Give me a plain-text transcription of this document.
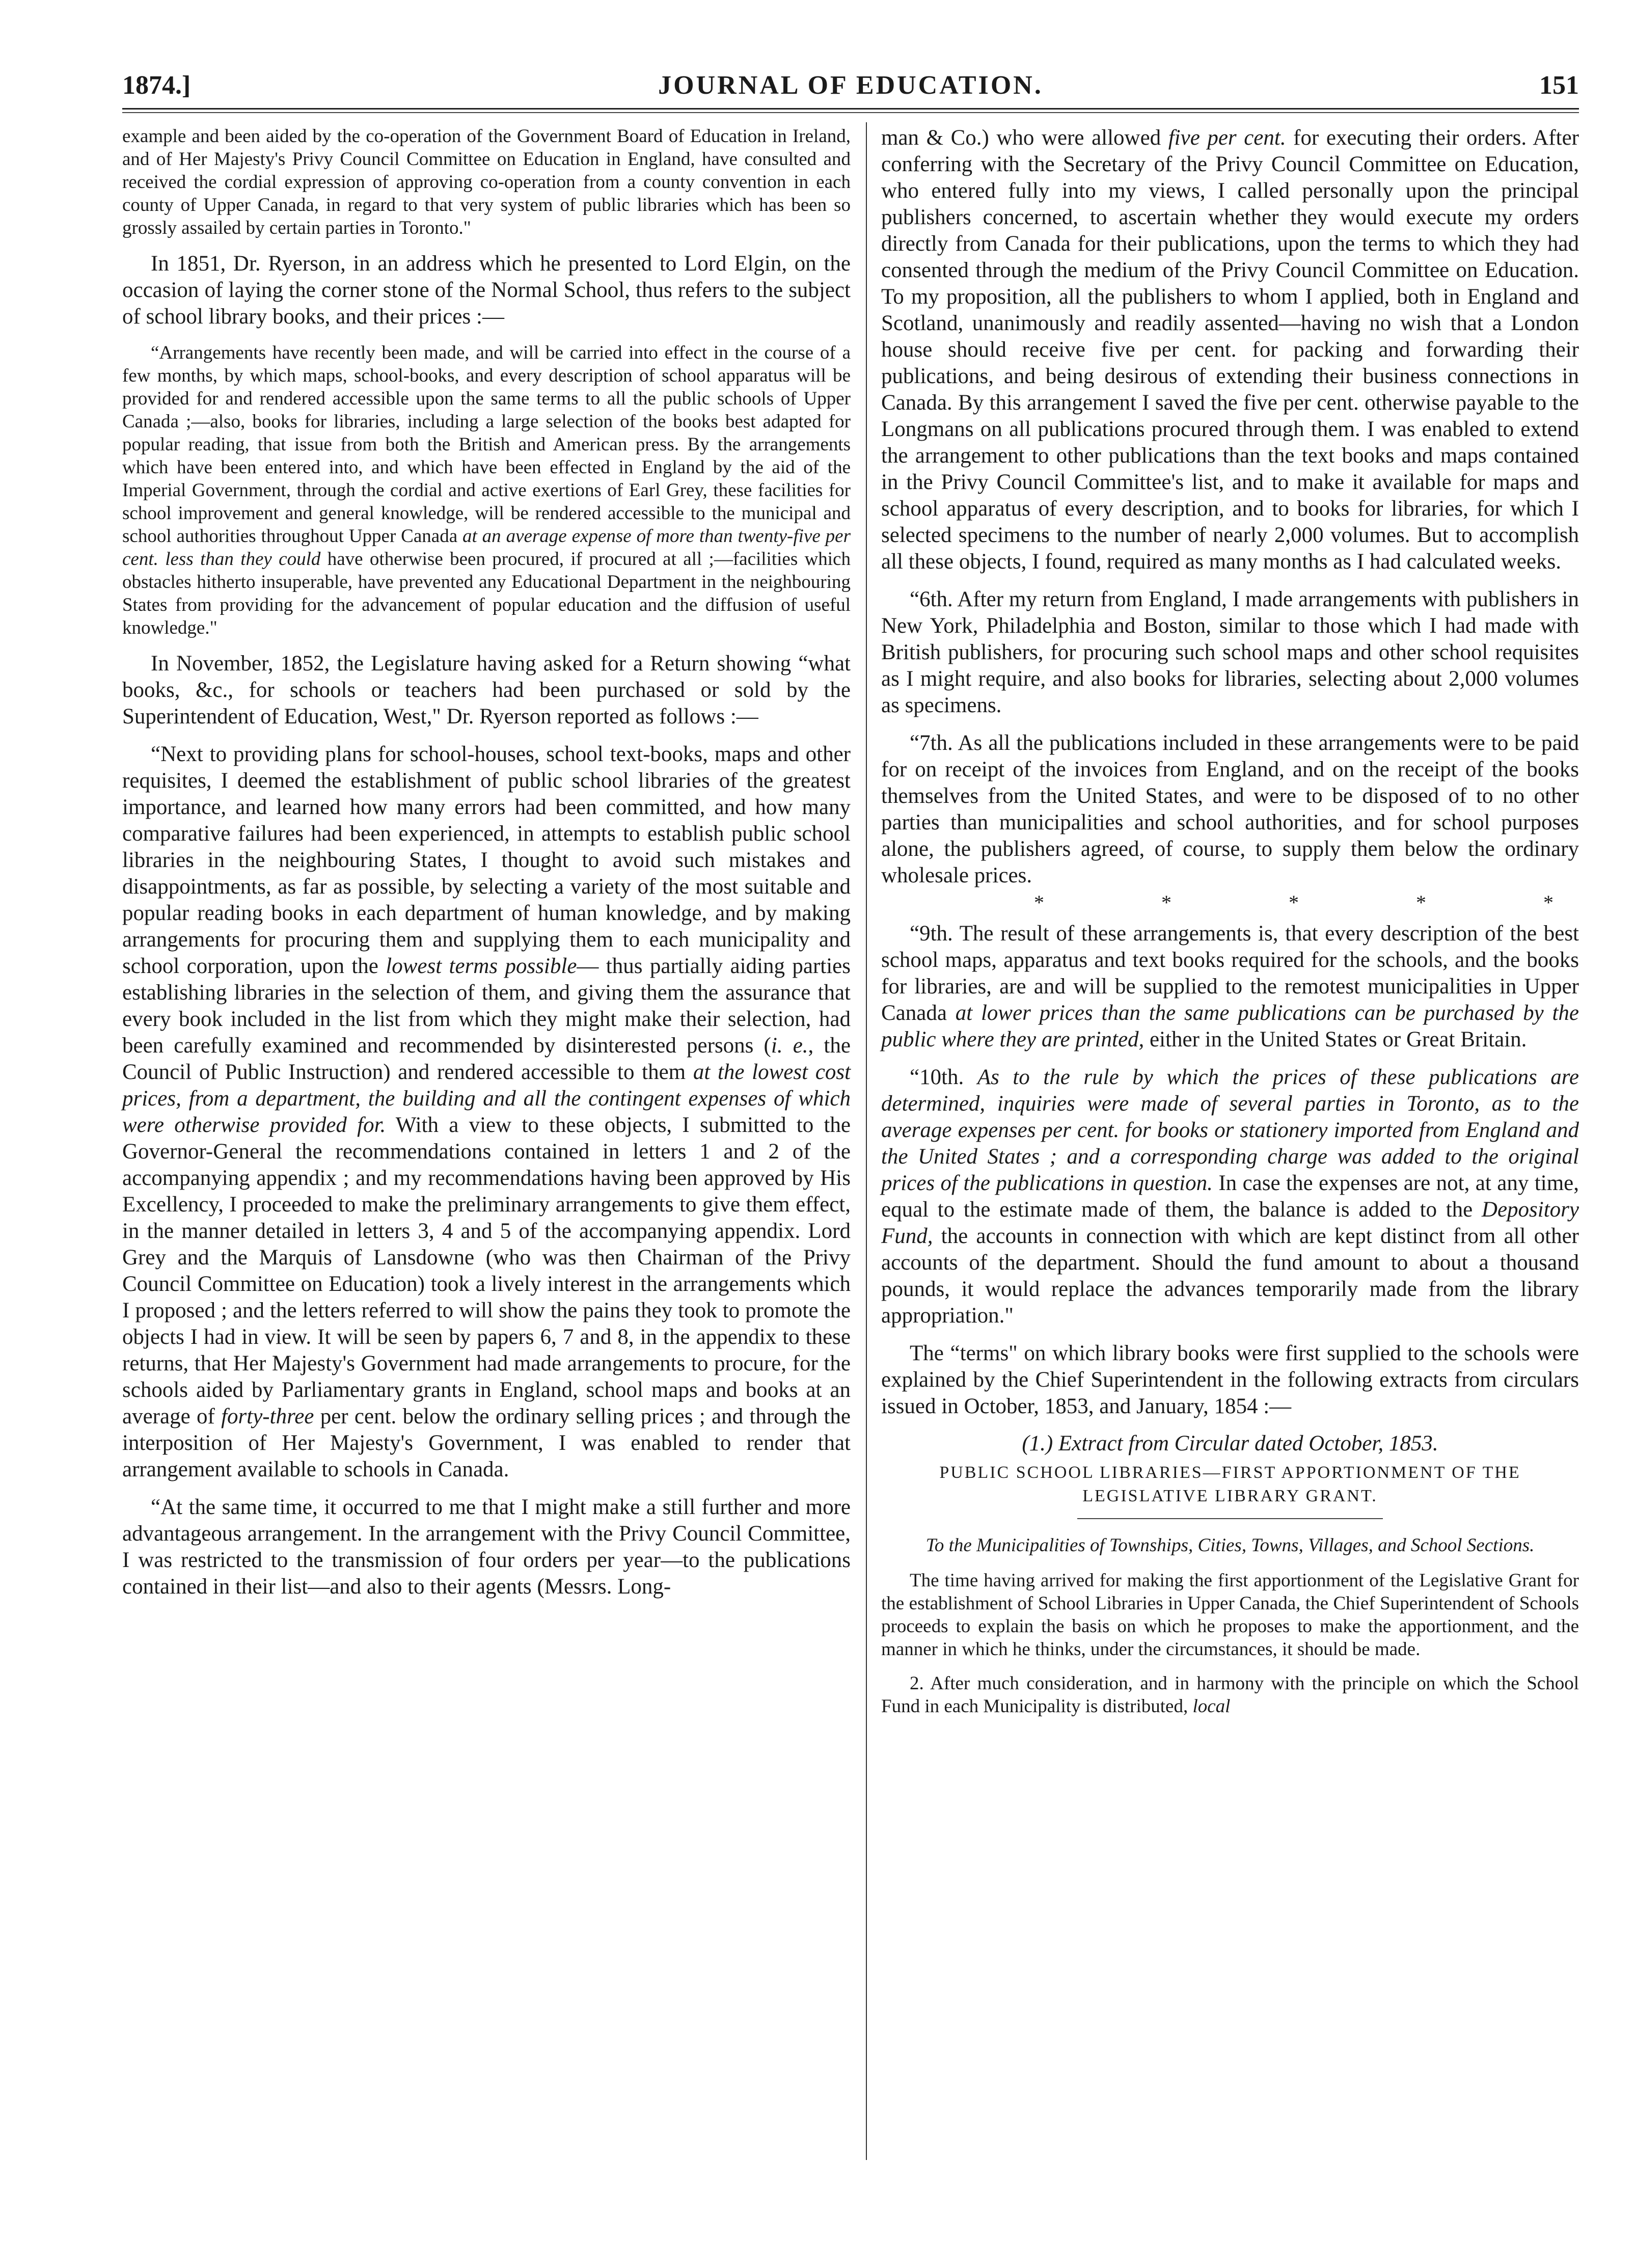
JOURNAL OF EDUCATION.
1874.]	151

example and been aided by the co-operation of the Government Board of Education in Ireland, and of Her Majesty's Privy Council Committee on Education in England, have consulted and received the cordial expression of approving co-operation from a county convention in each county of Upper Canada, in regard to that very system of public libraries which has been so grossly assailed by certain parties in Toronto."

In 1851, Dr. Ryerson, in an address which he presented to Lord Elgin, on the occasion of laying the corner stone of the Normal School, thus refers to the subject of school library books, and their prices :—

“Arrangements have recently been made, and will be carried into effect in the course of a few months, by which maps, school-books, and every description of school apparatus will be provided for and rendered accessible upon the same terms to all the public schools of Upper Canada ;—also, books for libraries, including a large selection of the books best adapted for popular reading, that issue from both the British and American press. By the arrangements which have been entered into, and which have been effected in England by the aid of the Imperial Government, through the cordial and active exertions of Earl Grey, these facilities for school improvement and general knowledge, will be rendered accessible to the municipal and school authorities throughout Upper Canada at an average expense of more than twenty-five per cent. less than they could have otherwise been procured, if procured at all ;—facilities which obstacles hitherto insuperable, have prevented any Educational Department in the neighbouring States from providing for the advancement of popular education and the diffusion of useful knowledge."

In November, 1852, the Legislature having asked for a Return showing “what books, &c., for schools or teachers had been purchased or sold by the Superintendent of Education, West," Dr. Ryerson reported as follows :—

“Next to providing plans for school-houses, school text-books, maps and other requisites, I deemed the establishment of public school libraries of the greatest importance, and learned how many errors had been committed, and how many comparative failures had been experienced, in attempts to establish public school libraries in the neighbouring States, I thought to avoid such mistakes and disappointments, as far as possible, by selecting a variety of the most suitable and popular reading books in each department of human knowledge, and by making arrangements for procuring them and supplying them to each municipality and school corporation, upon the lowest terms possible— thus partially aiding parties establishing libraries in the selection of them, and giving them the assurance that every book included in the list from which they might make their selection, had been carefully examined and recommended by disinterested persons (i. e., the Council of Public Instruction) and rendered accessible to them at the lowest cost prices, from a department, the building and all the contingent expenses of which were otherwise provided for. With a view to these objects, I submitted to the Governor-General the recommendations contained in letters 1 and 2 of the accompanying appendix ; and my recommendations having been approved by His Excellency, I proceeded to make the preliminary arrangements to give them effect, in the manner detailed in letters 3, 4 and 5 of the accompanying appendix. Lord Grey and the Marquis of Lansdowne (who was then Chairman of the Privy Council Committee on Education) took a lively interest in the arrangements which I proposed ; and the letters referred to will show the pains they took to promote the objects I had in view. It will be seen by papers 6, 7 and 8, in the appendix to these returns, that Her Majesty's Government had made arrangements to procure, for the schools aided by Parliamentary grants in England, school maps and books at an average of forty-three per cent. below the ordinary selling prices ; and through the interposition of Her Majesty's Government, I was enabled to render that arrangement available to schools in Canada.

“At the same time, it occurred to me that I might make a still further and more advantageous arrangement. In the arrangement with the Privy Council Committee, I was restricted to the transmission of four orders per year—to the publications contained in their list—and also to their agents (Messrs. Long-

man & Co.) who were allowed five per cent. for executing their orders. After conferring with the Secretary of the Privy Council Committee on Education, who entered fully into my views, I called personally upon the principal publishers concerned, to ascertain whether they would execute my orders directly from Canada for their publications, upon the terms to which they had consented through the medium of the Privy Council Committee on Education. To my proposition, all the publishers to whom I applied, both in England and Scotland, unanimously and readily assented—having no wish that a London house should receive five per cent. for packing and forwarding their publications, and being desirous of extending their business connections in Canada. By this arrangement I saved the five per cent. otherwise payable to the Longmans on all publications procured through them. I was enabled to extend the arrangement to other publications than the text books and maps contained in the Privy Council Committee's list, and to make it available for maps and school apparatus of every description, and to books for libraries, for which I selected specimens to the number of nearly 2,000 volumes. But to accomplish all these objects, I found, required as many months as I had calculated weeks.

“6th. After my return from England, I made arrangements with publishers in New York, Philadelphia and Boston, similar to those which I had made with British publishers, for procuring such school maps and other school requisites as I might require, and also books for libraries, selecting about 2,000 volumes as specimens.

“7th. As all the publications included in these arrangements were to be paid for on receipt of the invoices from England, and on the receipt of the books themselves from the United States, and were to be disposed of to no other parties than municipalities and school authorities, and for school purposes alone, the publishers agreed, of course, to supply them below the ordinary wholesale prices.

*	*	*	*	*

“9th. The result of these arrangements is, that every description of the best school maps, apparatus and text books required for the schools, and the books for libraries, are and will be supplied to the remotest municipalities in Upper Canada at lower prices than the same publications can be purchased by the public where they are printed, either in the United States or Great Britain.

“10th. As to the rule by which the prices of these publications are determined, inquiries were made of several parties in Toronto, as to the average expenses per cent. for books or stationery imported from England and the United States ; and a corresponding charge was added to the original prices of the publications in question. In case the expenses are not, at any time, equal to the estimate made of them, the balance is added to the Depository Fund, the accounts in connection with which are kept distinct from all other accounts of the department. Should the fund amount to about a thousand pounds, it would replace the advances temporarily made from the library appropriation."

The “terms" on which library books were first supplied to the schools were explained by the Chief Superintendent in the following extracts from circulars issued in October, 1853, and January, 1854 :—

(1.) Extract from Circular dated October, 1853.
PUBLIC SCHOOL LIBRARIES—FIRST APPORTIONMENT OF THE LEGISLATIVE LIBRARY GRANT.
To the Municipalities of Townships, Cities, Towns, Villages, and School Sections.

The time having arrived for making the first apportionment of the Legislative Grant for the establishment of School Libraries in Upper Canada, the Chief Superintendent of Schools proceeds to explain the basis on which he proposes to make the apportionment, and the manner in which he thinks, under the circumstances, it should be made.

2. After much consideration, and in harmony with the principle on which the School Fund in each Municipality is distributed, local
